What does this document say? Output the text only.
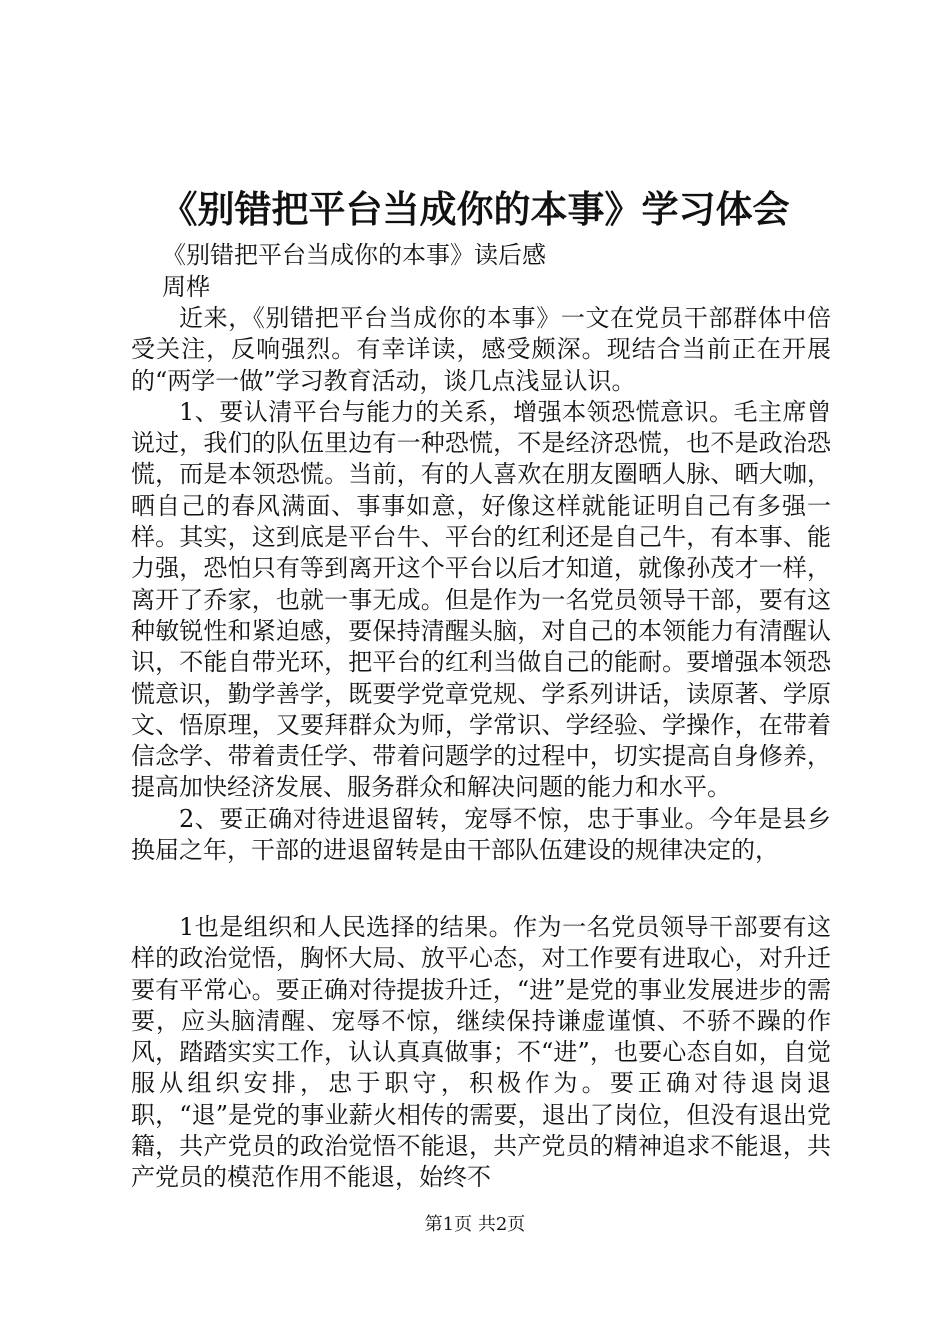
《别错把平台当成你的本事》学习体会
《别错把平台当成你的本事》读后感
周桦

近来，《别错把平台当成你的本事》一文在党员干部群体中倍受关注，反响强烈。有幸详读，感受颇深。现结合当前正在开展的“两学一做”学习教育活动，谈几点浅显认识。

1、要认清平台与能力的关系，增强本领恐慌意识。毛主席曾说过，我们的队伍里边有一种恐慌，不是经济恐慌，也不是政治恐慌，而是本领恐慌。当前，有的人喜欢在朋友圈晒人脉、晒大咖，晒自己的春风满面、事事如意，好像这样就能证明自己有多强一样。其实，这到底是平台牛、平台的红利还是自己牛，有本事、能力强，恐怕只有等到离开这个平台以后才知道，就像孙茂才一样，离开了乔家，也就一事无成。但是作为一名党员领导干部，要有这种敏锐性和紧迫感，要保持清醒头脑，对自己的本领能力有清醒认识，不能自带光环，把平台的红利当做自己的能耐。要增强本领恐慌意识，勤学善学，既要学党章党规、学系列讲话，读原著、学原文、悟原理，又要拜群众为师，学常识、学经验、学操作，在带着信念学、带着责任学、带着问题学的过程中，切实提高自身修养，提高加快经济发展、服务群众和解决问题的能力和水平。

2、要正确对待进退留转，宠辱不惊，忠于事业。今年是县乡换届之年，干部的进退留转是由干部队伍建设的规律决定的，

1也是组织和人民选择的结果。作为一名党员领导干部要有这样的政治觉悟，胸怀大局、放平心态，对工作要有进取心，对升迁要有平常心。要正确对待提拔升迁，“进”是党的事业发展进步的需要，应头脑清醒、宠辱不惊，继续保持谦虚谨慎、不骄不躁的作风，踏踏实实工作，认认真真做事；不“进”，也要心态自如，自觉服从组织安排，忠于职守，积极作为。要正确对待退岗退职，“退”是党的事业薪火相传的需要，退出了岗位，但没有退出党籍，共产党员的政治觉悟不能退，共产党员的精神追求不能退，共产党员的模范作用不能退，始终不

第1页 共2页
